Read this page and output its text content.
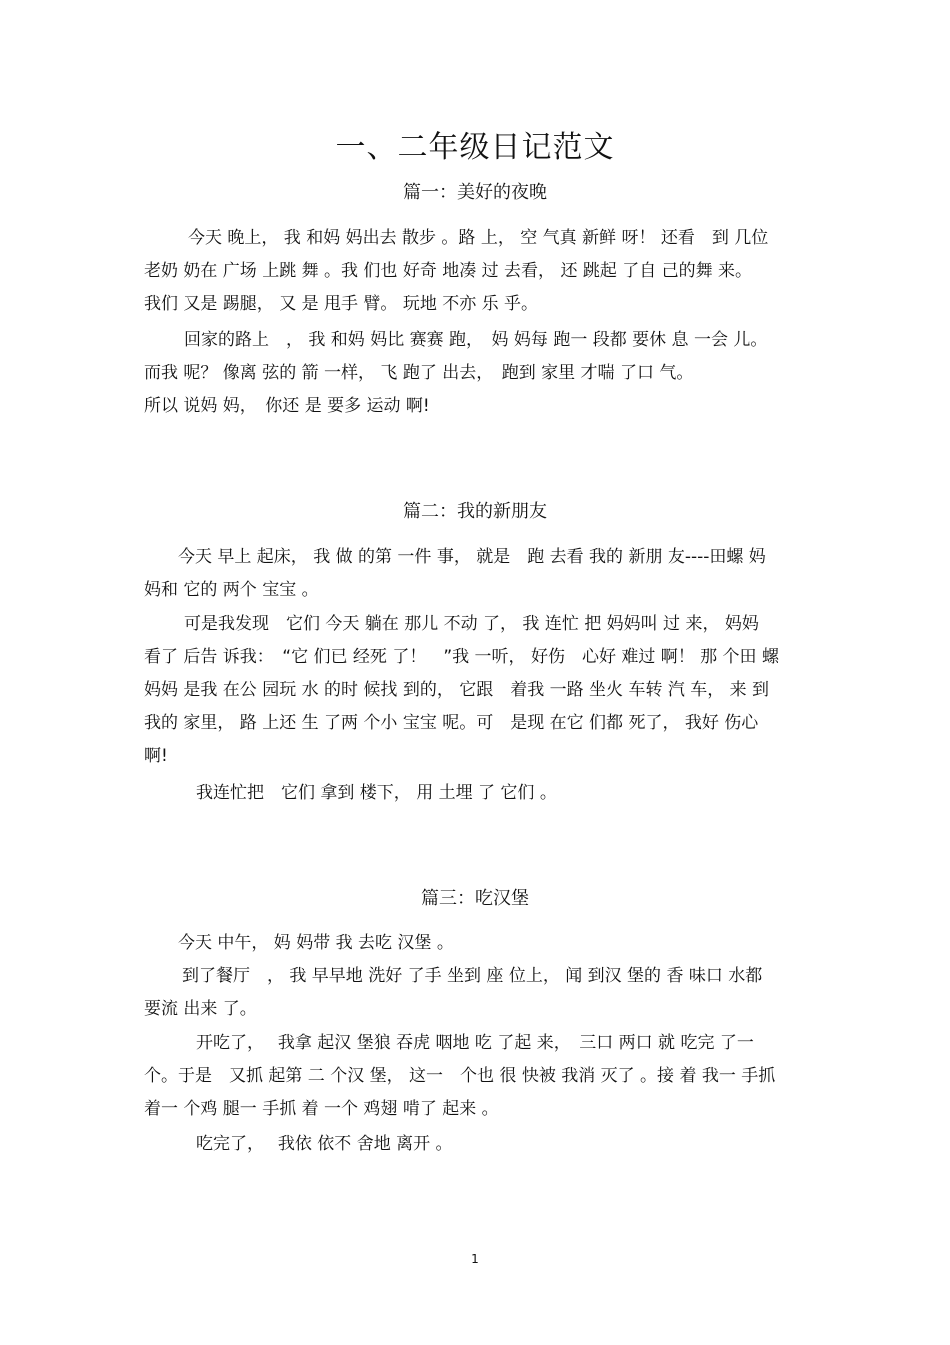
一、二年级日记范文
篇一：美好的夜晚
今天 晚上， 我 和妈 妈出去 散步 。路 上， 空 气真 新鲜 呀！ 还看　到 几位
老奶 奶在 广场 上跳 舞 。我 们也 好奇 地凑 过 去看， 还 跳起 了自 己的舞 来。
我们 又是 踢腿， 又 是 甩手 臂。 玩地 不亦 乐 乎。
回家的路上　， 我 和妈 妈比 赛赛 跑，　妈 妈每 跑一 段都 要休 息 一会 儿。
而我 呢？ 像离 弦的 箭 一样， 飞 跑了 出去，　跑到 家里 才喘 了口 气。
所以 说妈 妈，　你还 是 要多 运动 啊!
篇二：我的新朋友
今天 早上 起床， 我 做 的第 一件 事， 就是　跑 去看 我的 新朋 友----田螺 妈
妈和 它的 两个 宝宝 。
可是我发现　它们 今天 躺在 那儿 不动 了， 我 连忙 把 妈妈叫 过 来， 妈妈
看了 后告 诉我：　“它 们已 经死 了！　”我 一听， 好伤　心好 难过 啊！ 那 个田 螺
妈妈 是我 在公 园玩 水 的时 候找 到的， 它跟　着我 一路 坐火 车转 汽 车， 来 到
我的 家里， 路 上还 生 了两 个小 宝宝 呢。可　是现 在它 们都 死了， 我好 伤心
啊!
我连忙把　它们 拿到 楼下， 用 土埋 了 它们 。
篇三：吃汉堡
今天 中午， 妈 妈带 我 去吃 汉堡 。
到了餐厅　， 我 早早地 洗好 了手 坐到 座 位上， 闻 到汉 堡的 香 味口 水都
要流 出来 了。
开吃了，　 我拿 起汉 堡狼 吞虎 咽地 吃 了起 来，　三口 两口 就 吃完 了一
个。于是　又抓 起第 二 个汉 堡， 这一　个也 很 快被 我消 灭了 。接 着 我一 手抓
着一 个鸡 腿一 手抓 着 一个 鸡翅 啃了 起来 。
吃完了，　 我依 依不 舍地 离开 。
1
